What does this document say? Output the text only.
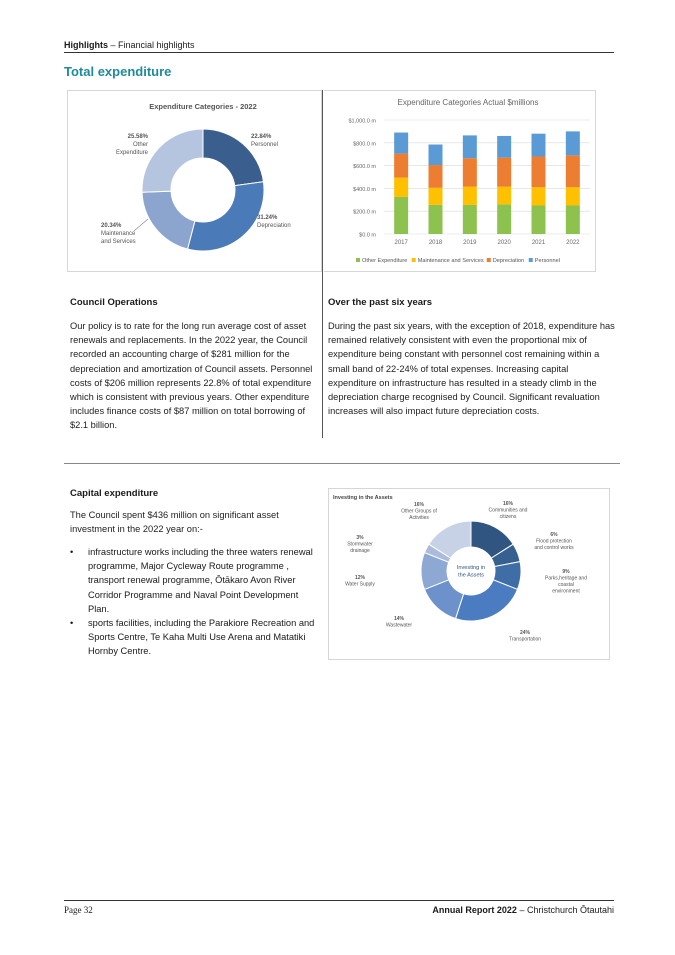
Highlights – Financial highlights
Total expenditure
Expenditure Categories - 2022
22.84%
Personnel
31.24%
Depreciation
20.34%
Maintenance
and Services
25.58%
Other
Expenditure
Expenditure Categories Actual $millions
$0.0 m
$200.0 m
$400.0 m
$600.0 m
$800.0 m
$1,000.0 m
2017	2018	2019	2020	2021	2022
Other Expenditure Maintenance and Services Depreciation Personnel
Council Operations
Our policy is to rate for the long run average cost of asset renewals and replacements. In the 2022 year, the Council recorded an accounting charge of $281 million for the depreciation and amortization of Council assets. Personnel costs of $206 million represents 22.8% of total expenditure which is consistent with previous years. Other expenditure includes finance costs of $87 million on total borrowing of $2.1 billion.
Over the past six years
During the past six years, with the exception of 2018, expenditure has remained relatively consistent with even the proportional mix of expenditure being constant with personnel cost remaining within a small band of 22-24% of total expenses. Increasing capital expenditure on infrastructure has resulted in a steady climb in the depreciation charge recognised by Council. Significant revaluation increases will also impact future depreciation costs.
Capital expenditure
The Council spent $436 million on significant asset investment in the 2022 year on:-
• infrastructure works including the three waters renewal programme, Major Cycleway Route programme , transport renewal programme, Ōtākaro Avon River Corridor Programme and Naval Point Development Plan.
• sports facilities, including the Parakiore Recreation and Sports Centre, Te Kaha Multi Use Arena and Matatiki Hornby Centre.
Investing in the Assets
Investing in
the Assets
16%
Communities and
citizens
6%
Flood protection
and control works
9%
Parks,heritage and
coastal
environment
24%
Transportation
14%
Wastewater
12%
Water Supply
3%
Stormwater
drainage
16%
Other Groups of
Activities
Page 32	Annual Report 2022 – Christchurch Ōtautahi
